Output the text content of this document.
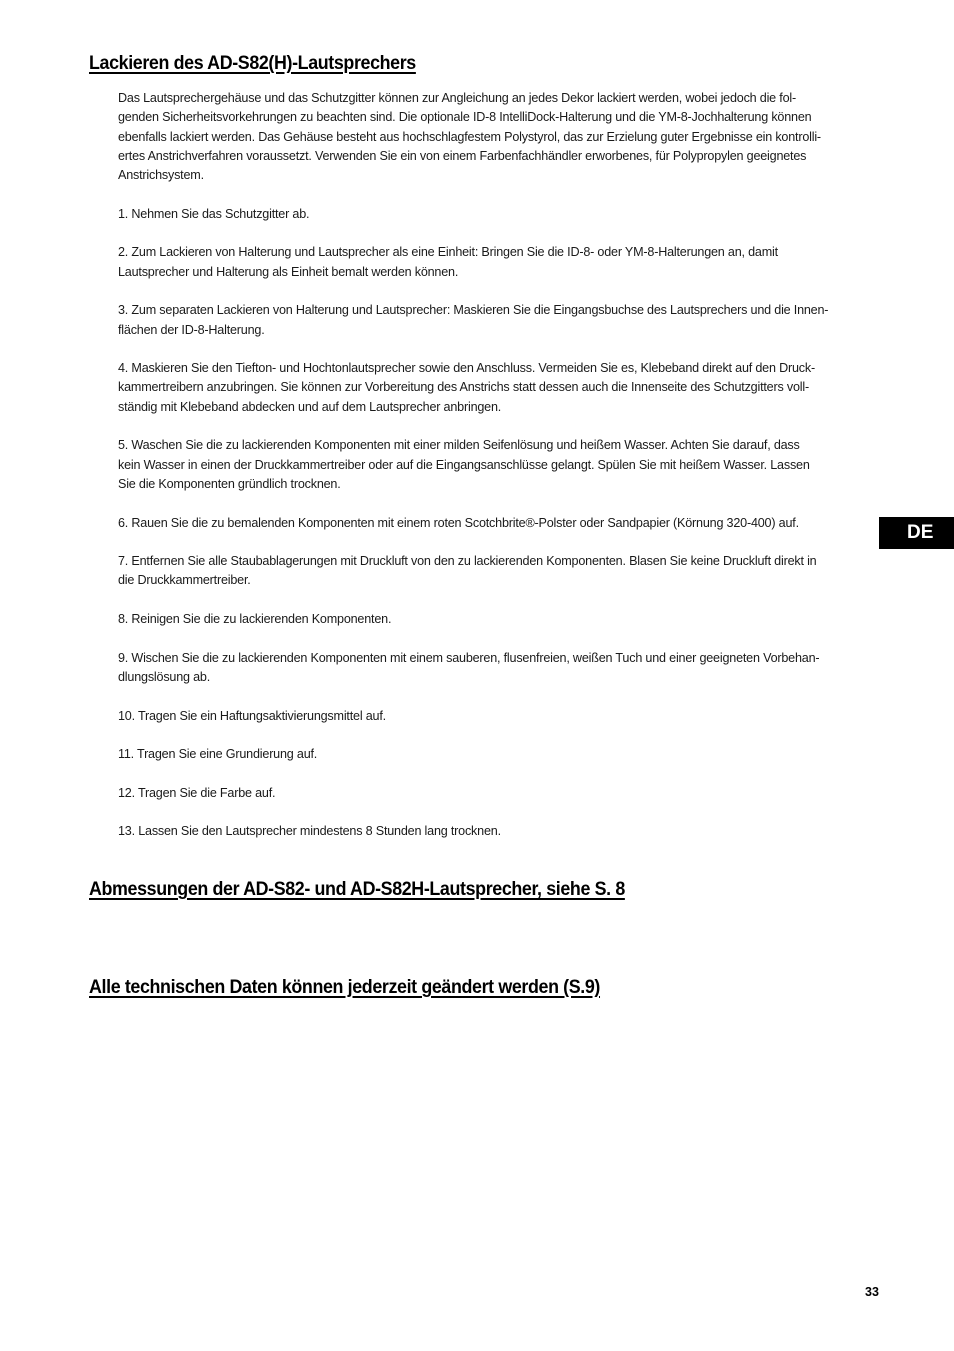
Lackieren des AD-S82(H)-Lautsprechers

Das Lautsprechergehäuse und das Schutzgitter können zur Angleichung an jedes Dekor lackiert werden, wobei jedoch die fol-
genden Sicherheitsvorkehrungen zu beachten sind. Die optionale ID-8 IntelliDock-Halterung und die YM-8-Jochhalterung können
ebenfalls lackiert werden. Das Gehäuse besteht aus hochschlagfestem Polystyrol, das zur Erzielung guter Ergebnisse ein kontrolli-
ertes Anstrichverfahren voraussetzt. Verwenden Sie ein von einem Farbenfachhändler erworbenes, für Polypropylen geeignetes
Anstrichsystem.

1. Nehmen Sie das Schutzgitter ab.

2. Zum Lackieren von Halterung und Lautsprecher als eine Einheit: Bringen Sie die ID-8- oder YM-8-Halterungen an, damit
Lautsprecher und Halterung als Einheit bemalt werden können.

3. Zum separaten Lackieren von Halterung und Lautsprecher: Maskieren Sie die Eingangsbuchse des Lautsprechers und die Innen-
flächen der ID-8-Halterung.

4. Maskieren Sie den Tiefton- und Hochtonlautsprecher sowie den Anschluss. Vermeiden Sie es, Klebeband direkt auf den Druck-
kammertreibern anzubringen. Sie können zur Vorbereitung des Anstrichs statt dessen auch die Innenseite des Schutzgitters voll-
ständig mit Klebeband abdecken und auf dem Lautsprecher anbringen.

5. Waschen Sie die zu lackierenden Komponenten mit einer milden Seifenlösung und heißem Wasser. Achten Sie darauf, dass
kein Wasser in einen der Druckkammertreiber oder auf die Eingangsanschlüsse gelangt. Spülen Sie mit heißem Wasser. Lassen
Sie die Komponenten gründlich trocknen.

6. Rauen Sie die zu bemalenden Komponenten mit einem roten Scotchbrite®-Polster oder Sandpapier (Körnung 320-400) auf.

7. Entfernen Sie alle Staubablagerungen mit Druckluft von den zu lackierenden Komponenten. Blasen Sie keine Druckluft direkt in
die Druckkammertreiber.

8. Reinigen Sie die zu lackierenden Komponenten.

9. Wischen Sie die zu lackierenden Komponenten mit einem sauberen, flusenfreien, weißen Tuch und einer geeigneten Vorbehan-
dlungslösung ab.

10. Tragen Sie ein Haftungsaktivierungsmittel auf.

11. Tragen Sie eine Grundierung auf.

12. Tragen Sie die Farbe auf.

13. Lassen Sie den Lautsprecher mindestens 8 Stunden lang trocknen.

Abmessungen der AD-S82- und AD-S82H-Lautsprecher, siehe S. 8
Alle technischen Daten können jederzeit geändert werden (S.9)
DE
33
